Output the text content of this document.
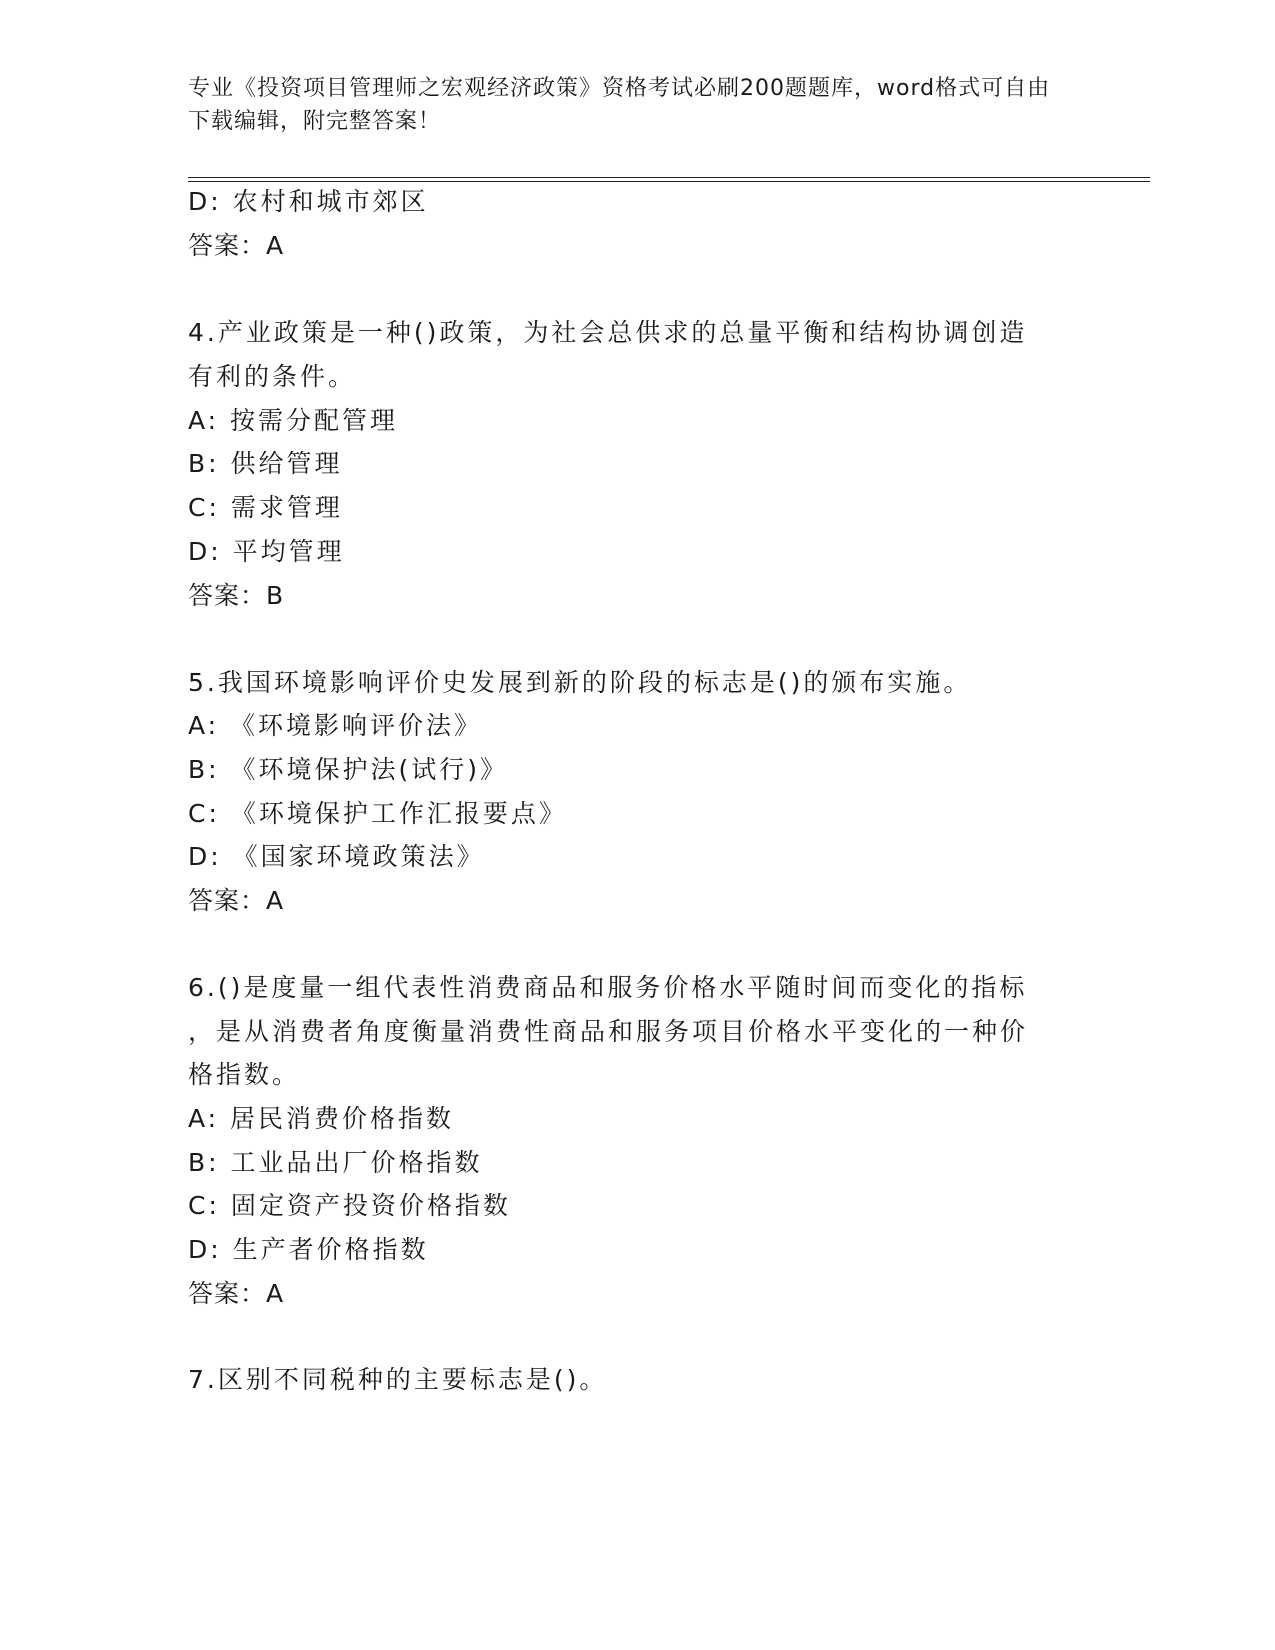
专业《投资项目管理师之宏观经济政策》资格考试必刷200题题库，word格式可自由下载编辑，附完整答案！
D: 农村和城市郊区
答案：A
4.产业政策是一种()政策，为社会总供求的总量平衡和结构协调创造
有利的条件。
A: 按需分配管理
B: 供给管理
C: 需求管理
D: 平均管理
答案：B
5.我国环境影响评价史发展到新的阶段的标志是()的颁布实施。
A: 《环境影响评价法》
B: 《环境保护法(试行)》
C: 《环境保护工作汇报要点》
D: 《国家环境政策法》
答案：A
6.()是度量一组代表性消费商品和服务价格水平随时间而变化的指标
，是从消费者角度衡量消费性商品和服务项目价格水平变化的一种价
格指数。
A: 居民消费价格指数
B: 工业品出厂价格指数
C: 固定资产投资价格指数
D: 生产者价格指数
答案：A
7.区别不同税种的主要标志是()。
